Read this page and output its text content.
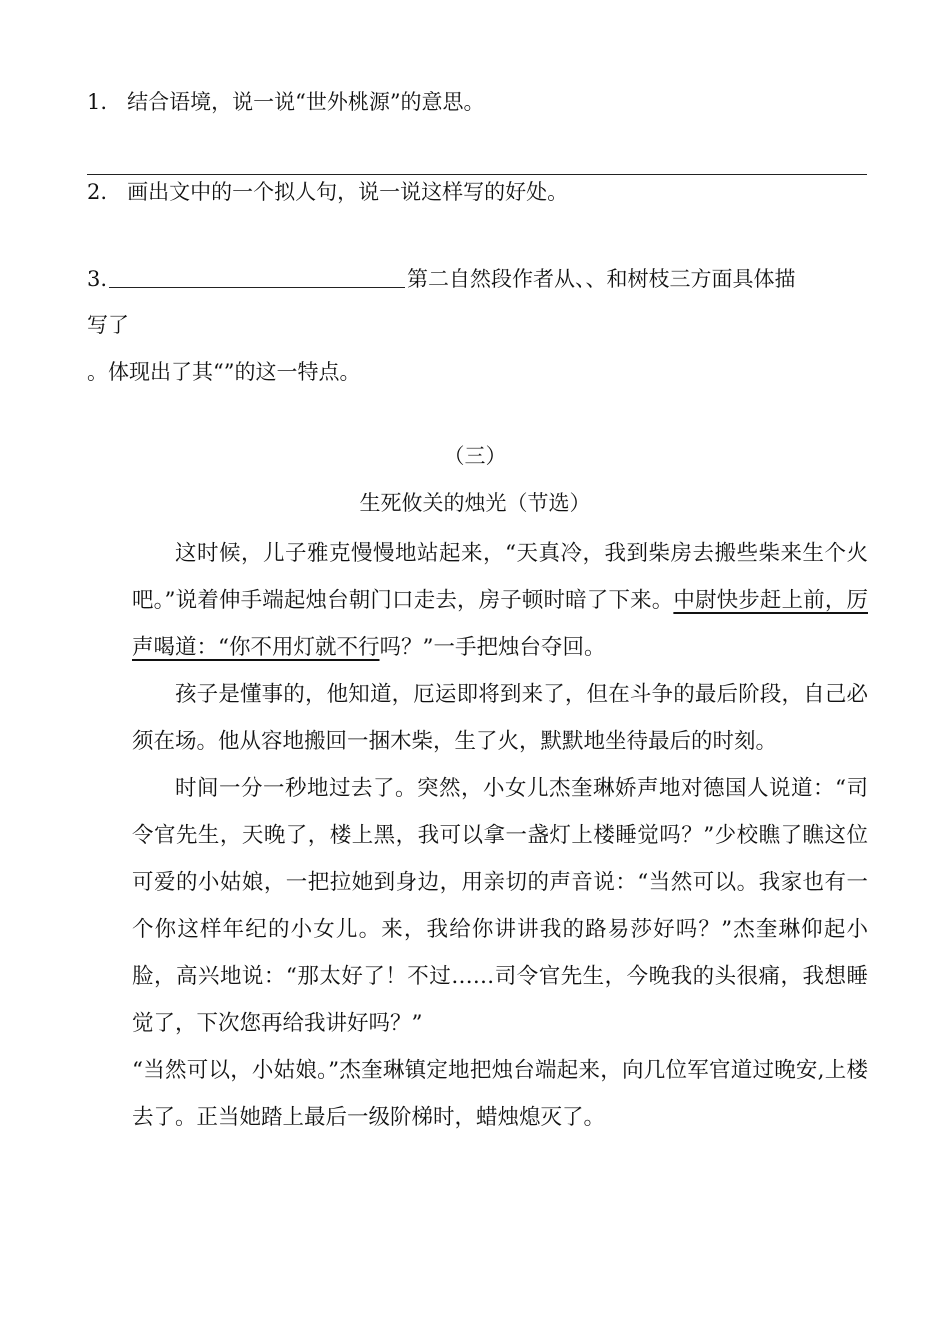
1. 结合语境，说一说“世外桃源”的意思。
2. 画出文中的一个拟人句，说一说这样写的好处。
3.	第二自然段作者从、、和树枝三方面具体描
写了
。体现出了其“”的这一特点。
（三）
生死攸关的烛光（节选）

这时候，儿子雅克慢慢地站起来，“天真冷，我到柴房去搬些柴来生个火吧。”说着伸手端起烛台朝门口走去，房子顿时暗了下来。中尉快步赶上前，厉声喝道：“你不用灯就不行吗？”一手把烛台夺回。

孩子是懂事的，他知道，厄运即将到来了，但在斗争的最后阶段，自己必须在场。他从容地搬回一捆木柴，生了火，默默地坐待最后的时刻。

时间一分一秒地过去了。突然，小女儿杰奎琳娇声地对德国人说道：“司令官先生，天晚了，楼上黑，我可以拿一盏灯上楼睡觉吗？”少校瞧了瞧这位可爱的小姑娘，一把拉她到身边，用亲切的声音说：“当然可以。我家也有一个你这样年纪的小女儿。来，我给你讲讲我的路易莎好吗？”杰奎琳仰起小脸，高兴地说：“那太好了！不过……司令官先生，今晚我的头很痛，我想睡觉了，下次您再给我讲好吗？”

“当然可以，小姑娘。”杰奎琳镇定地把烛台端起来，向几位军官道过晚安,上楼去了。正当她踏上最后一级阶梯时，蜡烛熄灭了。
